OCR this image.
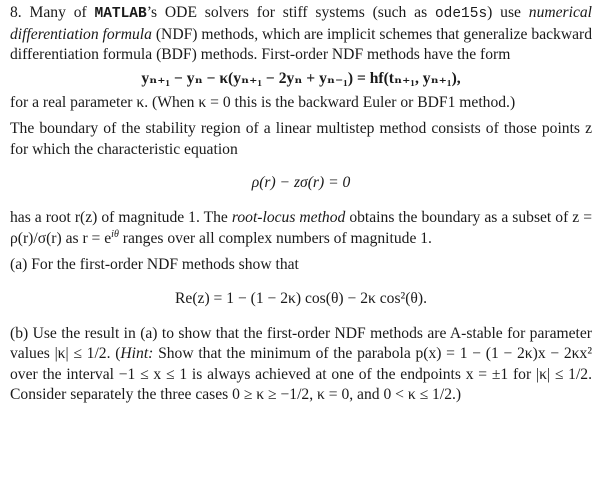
8. Many of MATLAB’s ODE solvers for stiff systems (such as ode15s) use numerical differentiation formula (NDF) methods, which are implicit schemes that generalize backward differentiation formula (BDF) methods. First-order NDF methods have the form

yₙ₊₁ − yₙ − κ(yₙ₊₁ − 2yₙ + yₙ₋₁) = hf(tₙ₊₁, yₙ₊₁),

for a real parameter κ. (When κ = 0 this is the backward Euler or BDF1 method.)

The boundary of the stability region of a linear multistep method consists of those points z for which the characteristic equation

ρ(r) − zσ(r) = 0

has a root r(z) of magnitude 1. The root-locus method obtains the boundary as a subset of z = ρ(r)/σ(r) as $r = e^{i\theta}$ ranges over all complex numbers of magnitude 1.

(a) For the first-order NDF methods show that

Re(z) = 1 − (1 − 2κ) cos(θ) − 2κ cos²(θ).

(b) Use the result in (a) to show that the first-order NDF methods are A-stable for parameter values |κ| ≤ 1/2. (Hint: Show that the minimum of the parabola p(x) = 1 − (1 − 2κ)x − 2κx² over the interval −1 ≤ x ≤ 1 is always achieved at one of the endpoints x = ±1 for |κ| ≤ 1/2. Consider separately the three cases 0 ≥ κ ≥ −1/2, κ = 0, and 0 < κ ≤ 1/2.)
